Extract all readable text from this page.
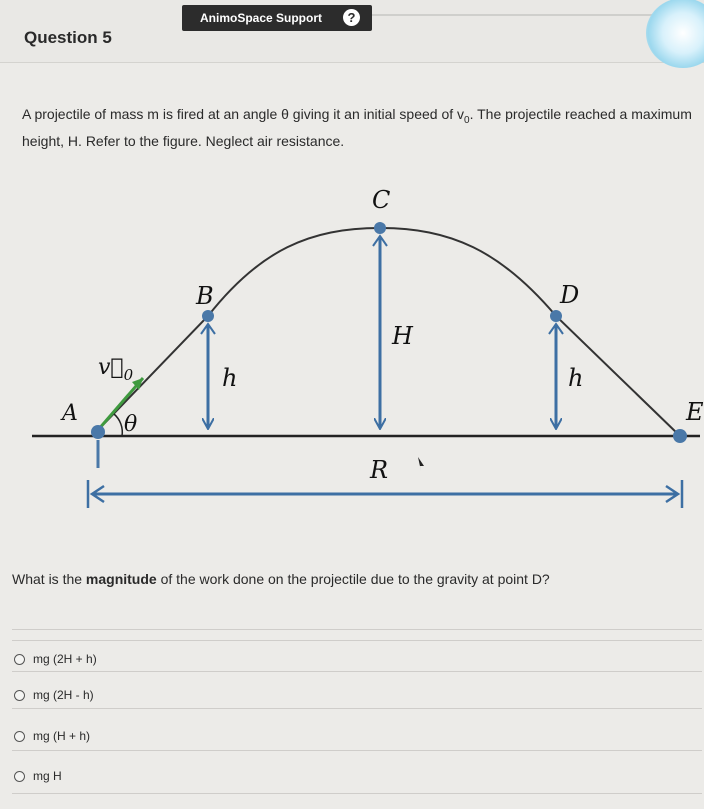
Question 5
AnimoSpace Support	?
A projectile of mass m is fired at an angle θ giving it an initial speed of $v_0$. The projectile reached a maximum height, H. Refer to the figure. Neglect air resistance.
A
$v⃗_0$
θ
B
C
D
E
H
h	h
R
What is the magnitude of the work done on the projectile due to the gravity at point D?
mg (2H + h)
mg (2H - h)
mg (H + h)
mg H
